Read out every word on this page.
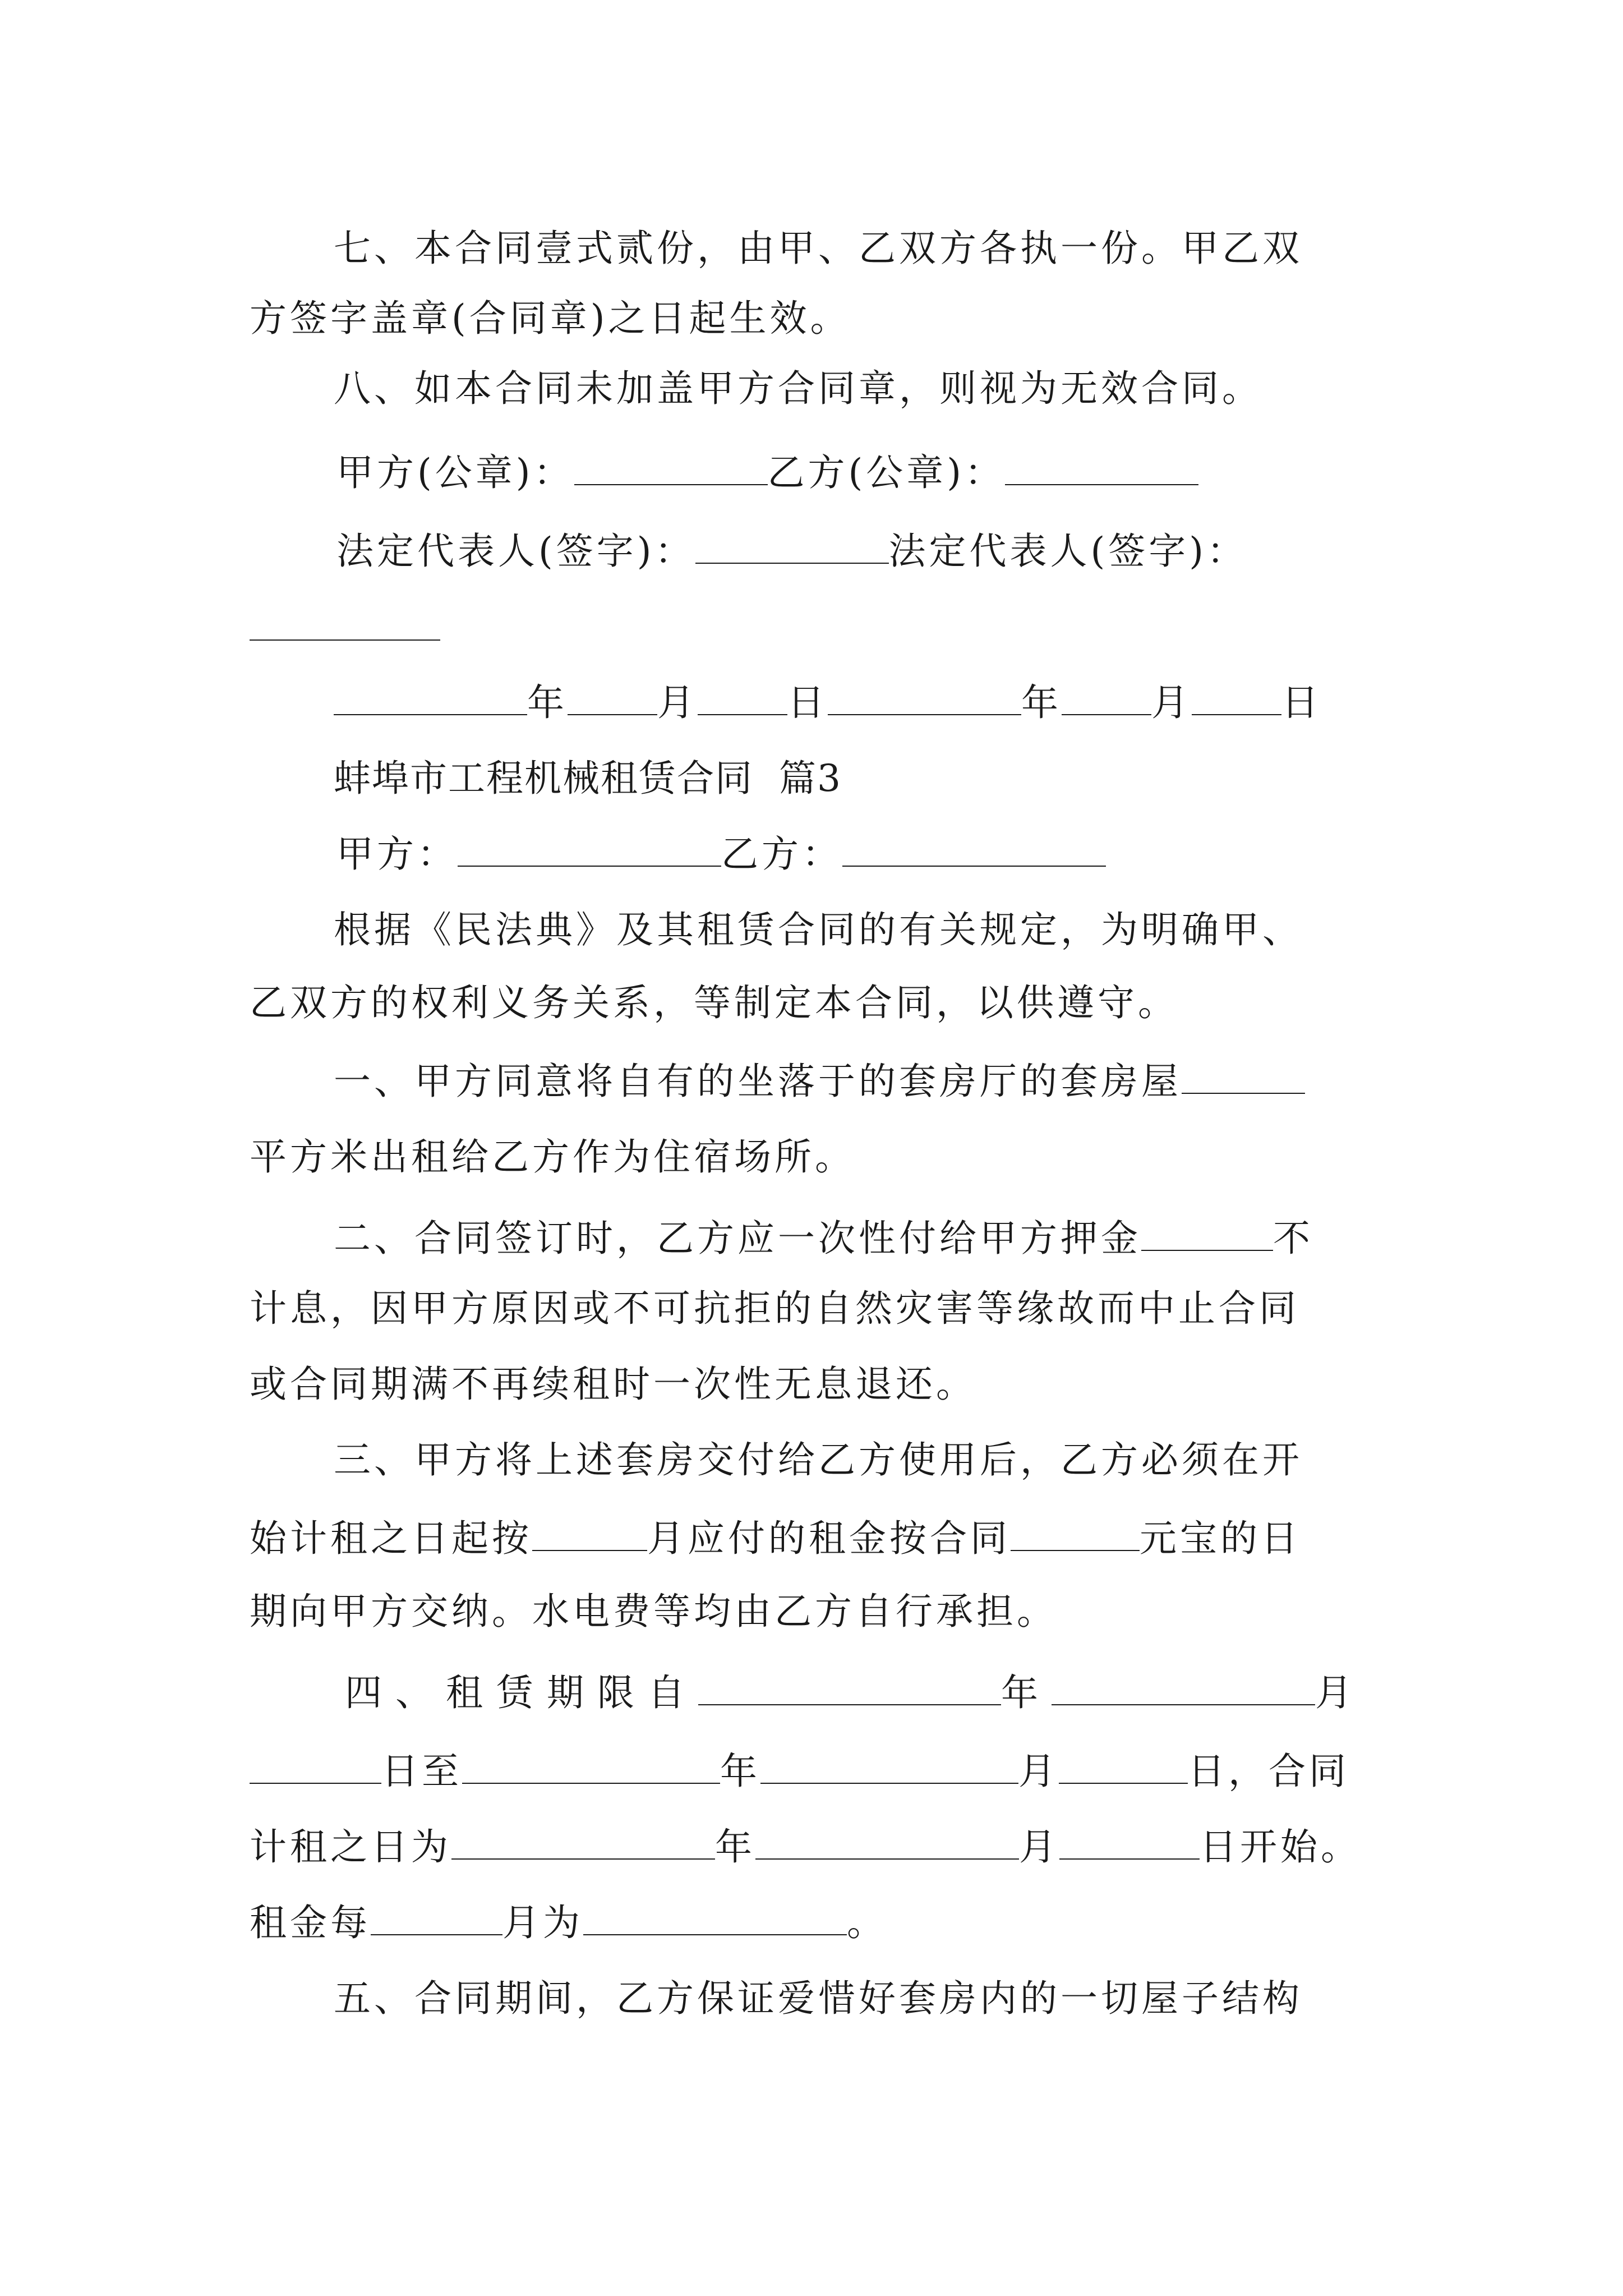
七、本合同壹式贰份，由甲、乙双方各执一份。甲乙双
方签字盖章(合同章)之日起生效。
八、如本合同未加盖甲方合同章，则视为无效合同。
甲方(公章)：	乙方(公章)：
法定代表人(签字)：	法定代表人(签字)：
年 月 日	年 月 日
蚌埠市工程机械租赁合同  篇3
甲方：	乙方：
根据《民法典》及其租赁合同的有关规定，为明确甲、
乙双方的权利义务关系，等制定本合同，以供遵守。
一、甲方同意将自有的坐落于的套房厅的套房屋
平方米出租给乙方作为住宿场所。
二、合同签订时，乙方应一次性付给甲方押金	不
计息，因甲方原因或不可抗拒的自然灾害等缘故而中止合同
或合同期满不再续租时一次性无息退还。
三、甲方将上述套房交付给乙方使用后，乙方必须在开
始计租之日起按	月应付的租金按合同	元宝的日
期向甲方交纳。水电费等均由乙方自行承担。
四、租赁期限自	年	月
日至	年	月	日，合同
计租之日为	年	月	日开始。
租金每	月为	。
五、合同期间，乙方保证爱惜好套房内的一切屋子结构
